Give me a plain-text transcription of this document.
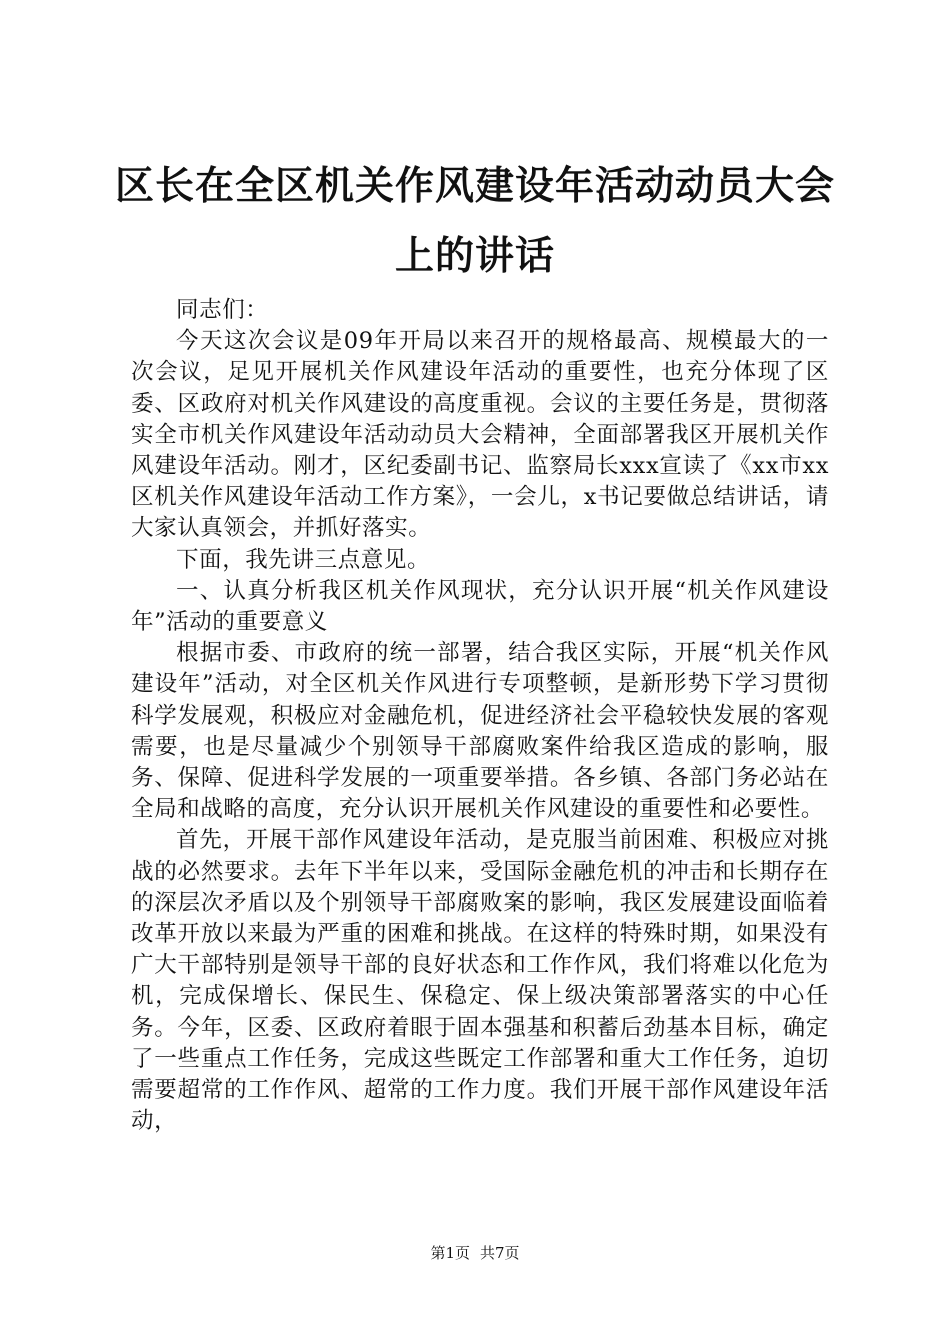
区长在全区机关作风建设年活动动员大会上的讲话

同志们：

今天这次会议是09年开局以来召开的规格最高、规模最大的一次会议，足见开展机关作风建设年活动的重要性，也充分体现了区委、区政府对机关作风建设的高度重视。会议的主要任务是，贯彻落实全市机关作风建设年活动动员大会精神，全面部署我区开展机关作风建设年活动。刚才，区纪委副书记、监察局长xxx宣读了《xx市xx区机关作风建设年活动工作方案》，一会儿，x书记要做总结讲话，请大家认真领会，并抓好落实。

下面，我先讲三点意见。

一、认真分析我区机关作风现状，充分认识开展“机关作风建设年”活动的重要意义

根据市委、市政府的统一部署，结合我区实际，开展“机关作风建设年”活动，对全区机关作风进行专项整顿，是新形势下学习贯彻科学发展观，积极应对金融危机，促进经济社会平稳较快发展的客观需要，也是尽量减少个别领导干部腐败案件给我区造成的影响，服务、保障、促进科学发展的一项重要举措。各乡镇、各部门务必站在全局和战略的高度，充分认识开展机关作风建设的重要性和必要性。

首先，开展干部作风建设年活动，是克服当前困难、积极应对挑战的必然要求。去年下半年以来，受国际金融危机的冲击和长期存在的深层次矛盾以及个别领导干部腐败案的影响，我区发展建设面临着改革开放以来最为严重的困难和挑战。在这样的特殊时期，如果没有广大干部特别是领导干部的良好状态和工作作风，我们将难以化危为机，完成保增长、保民生、保稳定、保上级决策部署落实的中心任务。今年，区委、区政府着眼于固本强基和积蓄后劲基本目标，确定了一些重点工作任务，完成这些既定工作部署和重大工作任务，迫切需要超常的工作作风、超常的工作力度。我们开展干部作风建设年活动，

第1页 共7页
